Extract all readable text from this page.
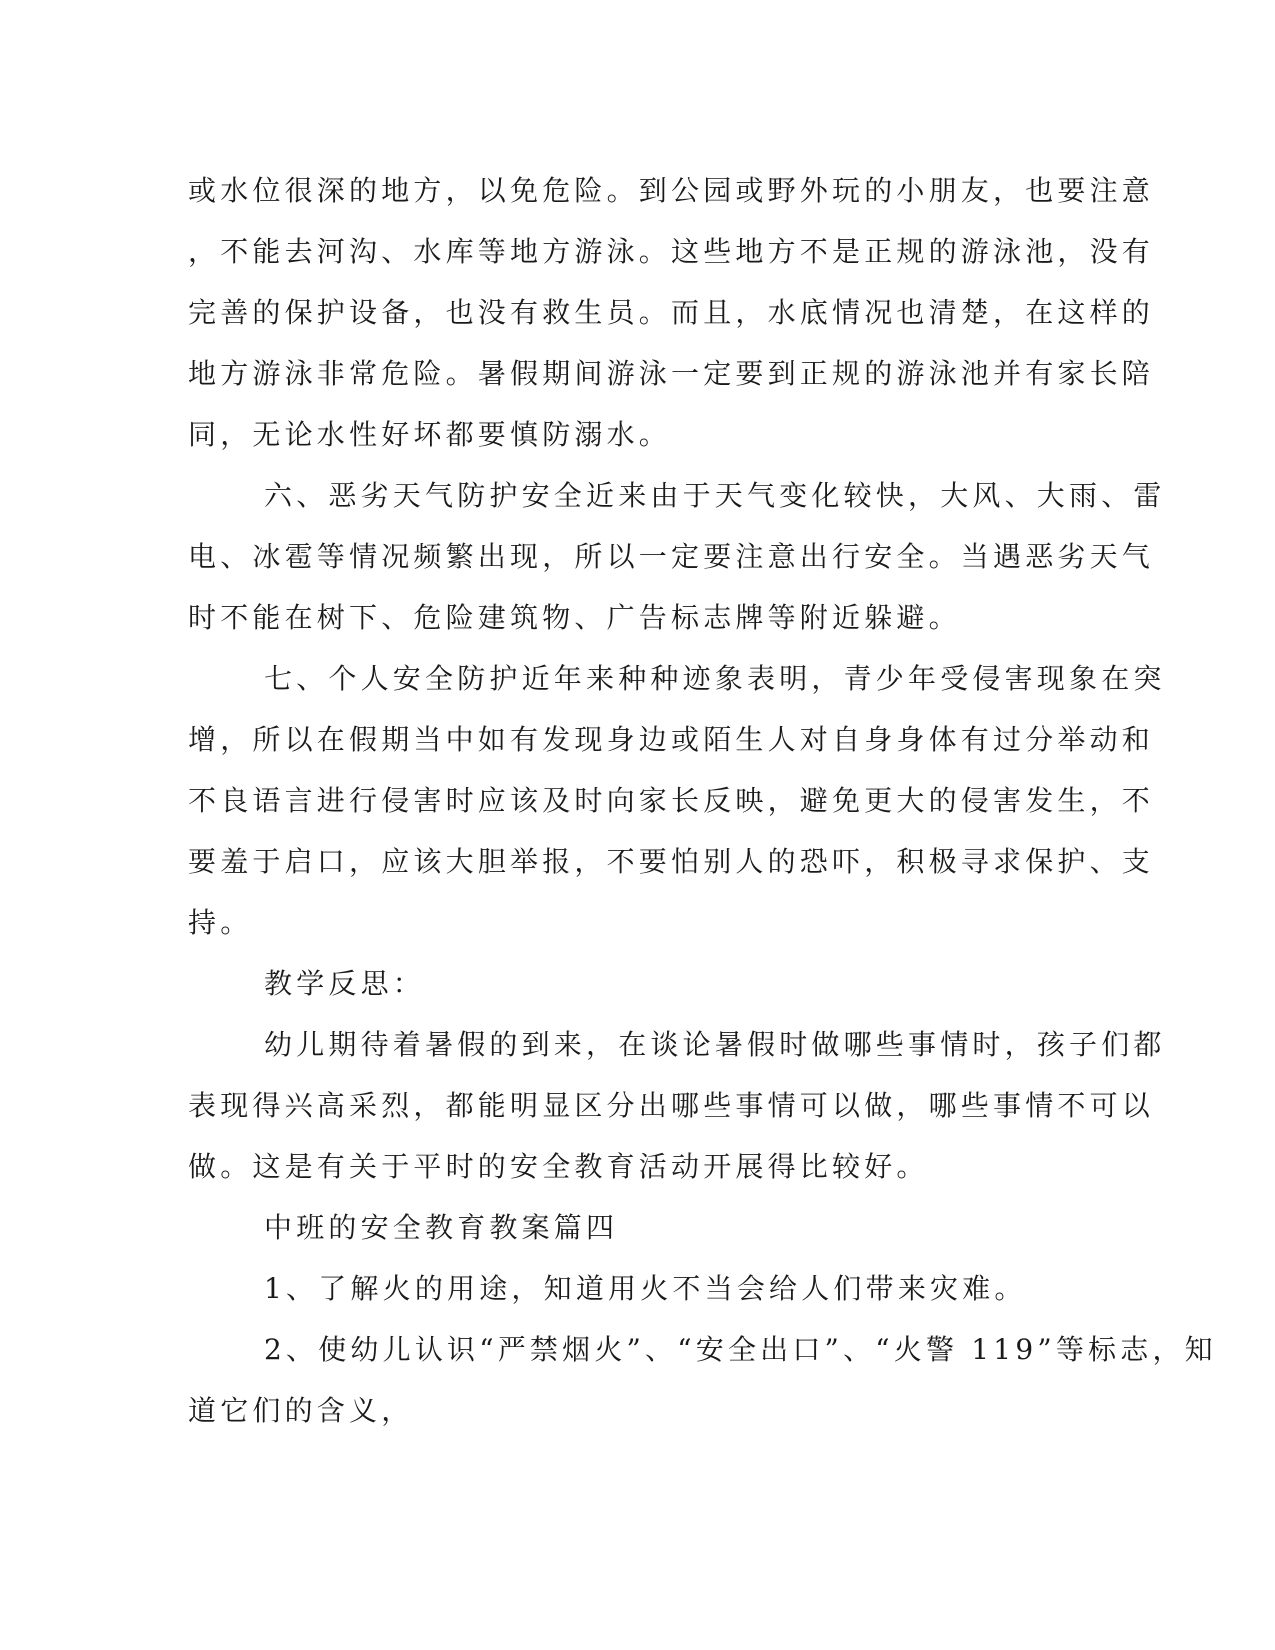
或水位很深的地方，以免危险。到公园或野外玩的小朋友，也要注意
，不能去河沟、水库等地方游泳。这些地方不是正规的游泳池，没有
完善的保护设备，也没有救生员。而且，水底情况也清楚，在这样的
地方游泳非常危险。暑假期间游泳一定要到正规的游泳池并有家长陪
同，无论水性好坏都要慎防溺水。
六、恶劣天气防护安全近来由于天气变化较快，大风、大雨、雷
电、冰雹等情况频繁出现，所以一定要注意出行安全。当遇恶劣天气
时不能在树下、危险建筑物、广告标志牌等附近躲避。
七、个人安全防护近年来种种迹象表明，青少年受侵害现象在突
增，所以在假期当中如有发现身边或陌生人对自身身体有过分举动和
不良语言进行侵害时应该及时向家长反映，避免更大的侵害发生，不
要羞于启口，应该大胆举报，不要怕别人的恐吓，积极寻求保护、支
持。
教学反思：
幼儿期待着暑假的到来，在谈论暑假时做哪些事情时，孩子们都
表现得兴高采烈，都能明显区分出哪些事情可以做，哪些事情不可以
做。这是有关于平时的安全教育活动开展得比较好。
中班的安全教育教案篇四
1、了解火的用途，知道用火不当会给人们带来灾难。
2、使幼儿认识“严禁烟火”、“安全出口”、“火警 119”等标志，知
道它们的含义，
